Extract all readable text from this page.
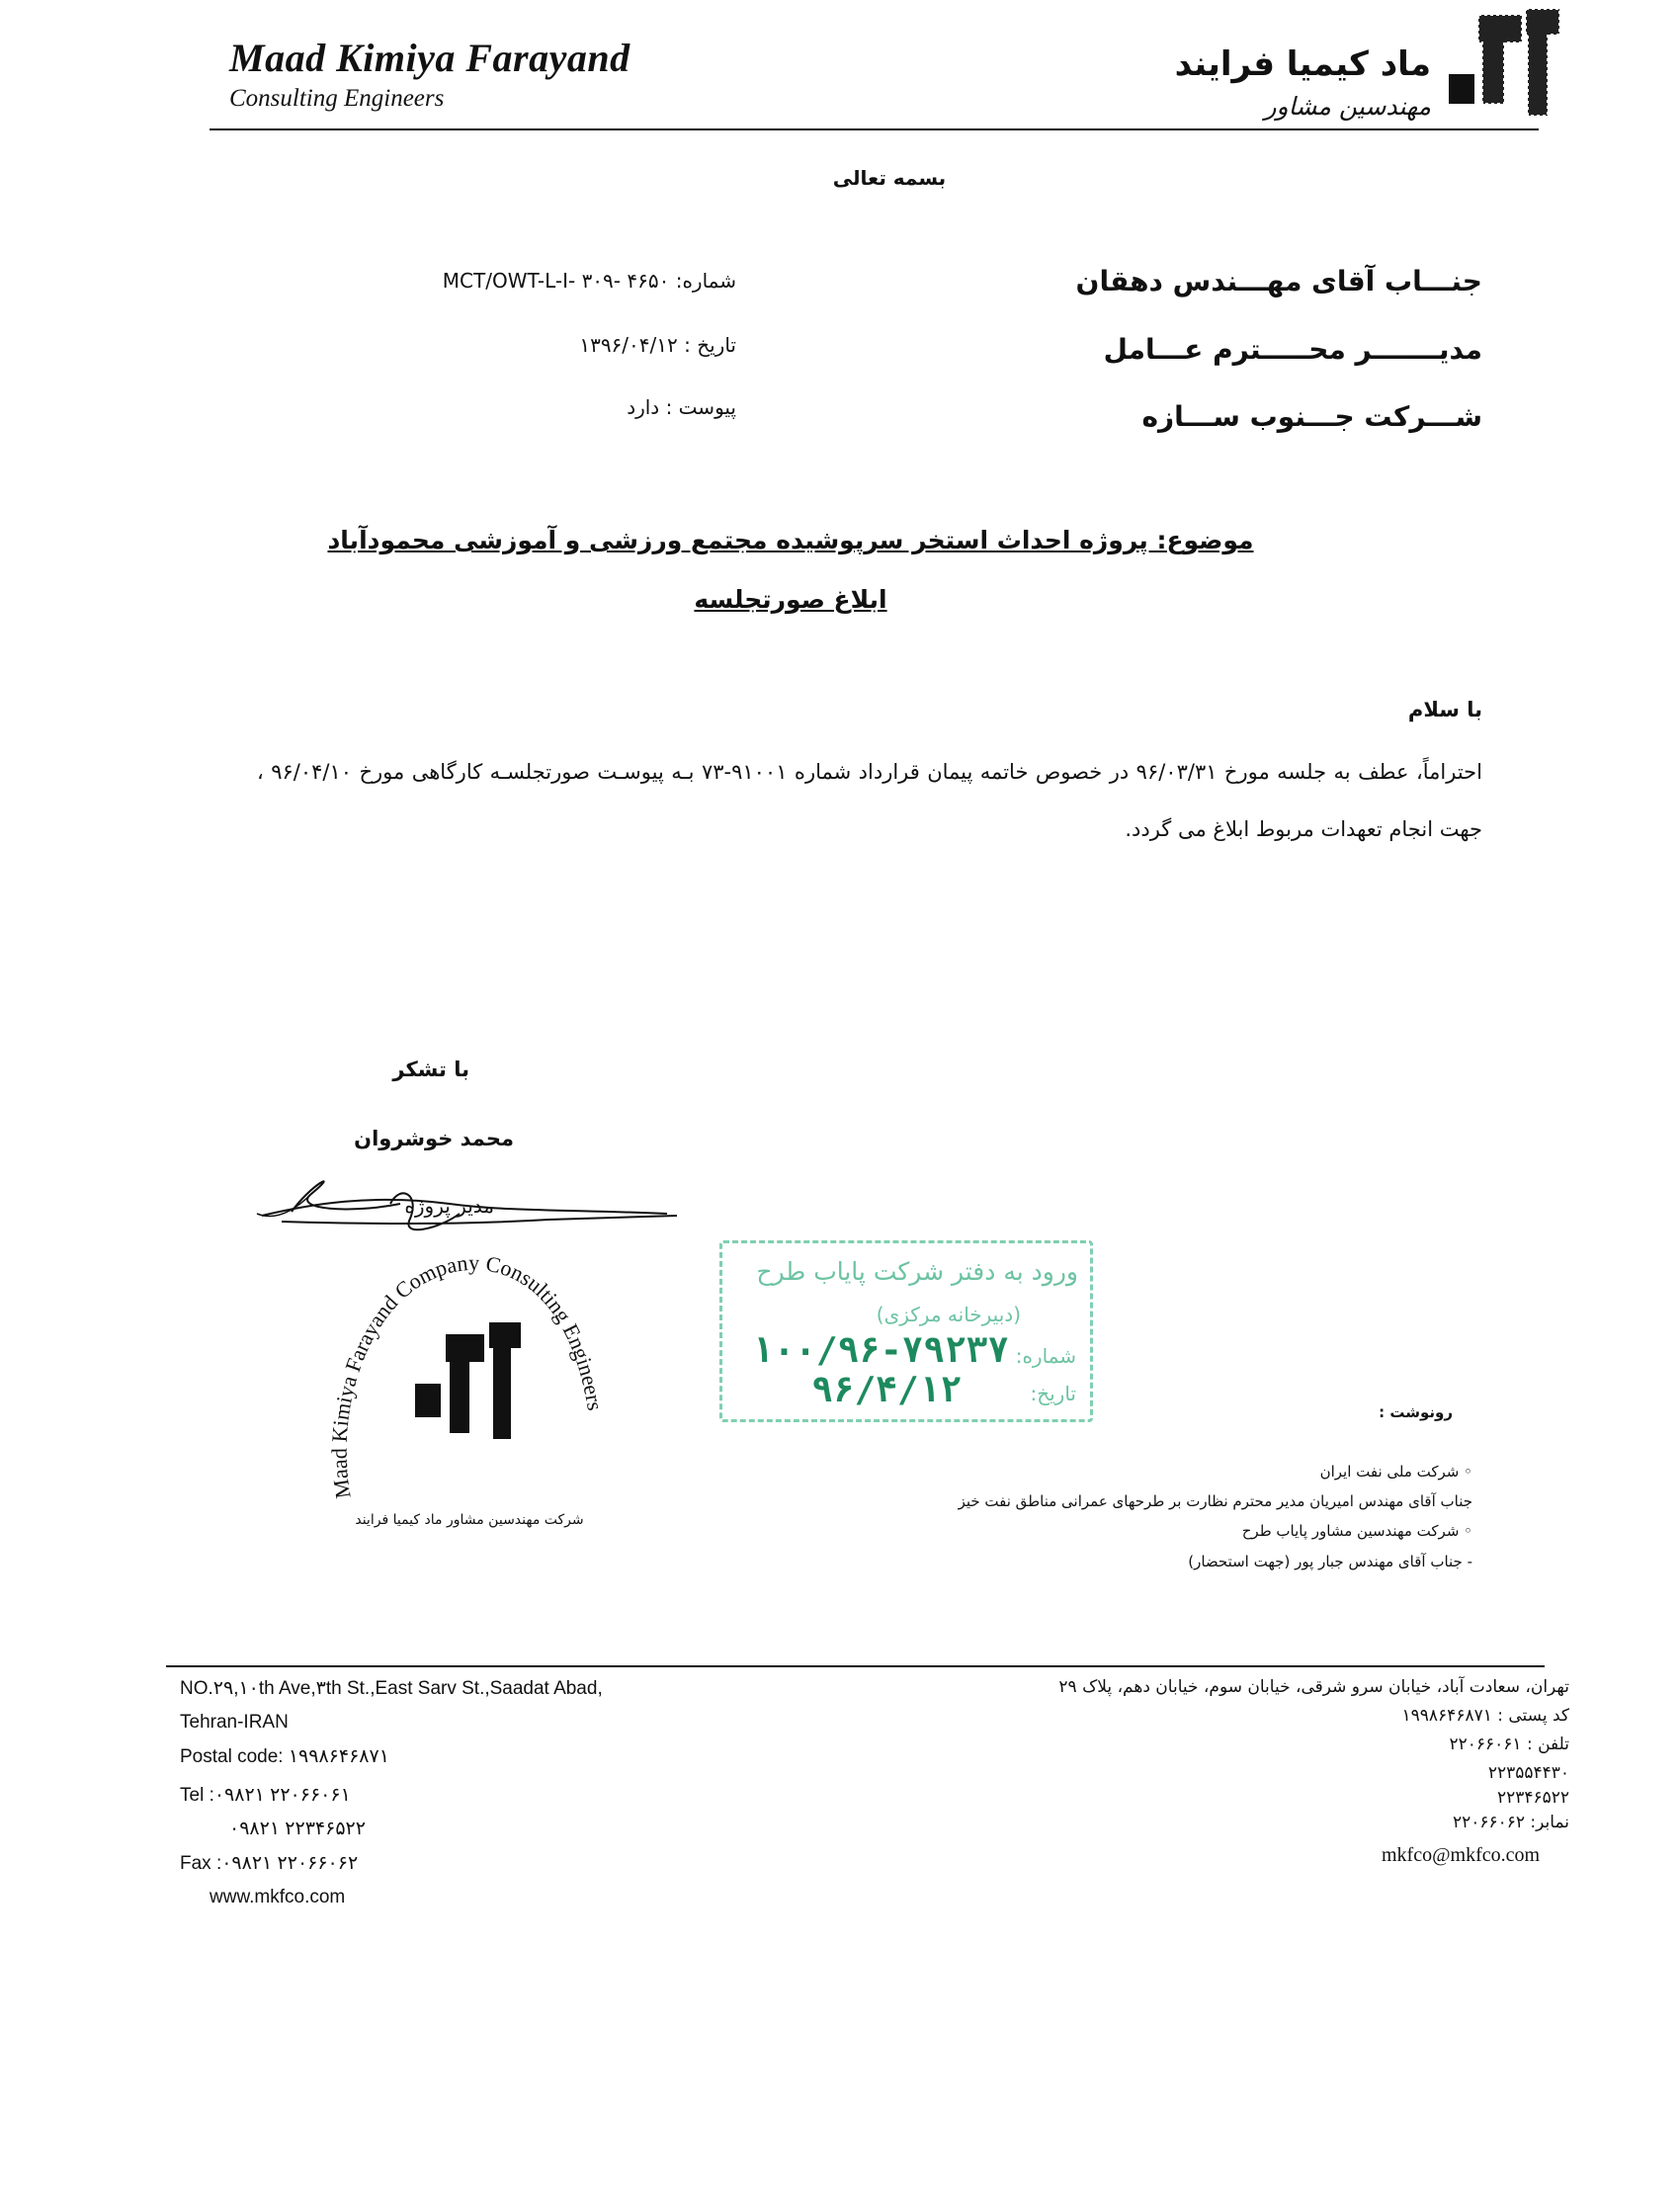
Maad Kimiya Farayand
Consulting Engineers
ماد کیمیا فرایند
مهندسین مشاور
بسمه تعالی
جنـــاب آقای مهـــندس دهقان
مدیـــــــر محـــــترم عـــامل
شـــرکت جـــنوب ســـازه
شماره: ۴۶۵۰ -MCT/OWT-L-I- ۳۰۹
تاریخ : ۱۳۹۶/۰۴/۱۲
پیوست : دارد
موضوع: پروژه احداث استخر سرپوشیده مجتمع ورزشی و آموزشی محمودآباد
ابلاغ صورتجلسه
با سلام
احتراماً، عطف به جلسه مورخ ۹۶/۰۳/۳۱ در خصوص خاتمه پیمان قرارداد شماره ۹۱۰۰۱-۷۳ بـه پیوسـت صورتجلسـه کارگاهی مورخ ۹۶/۰۴/۱۰ ، جهت انجام تعهدات مربوط ابلاغ می گردد.
با تشکر
محمد خوشروان
مدیر پروژه
Maad Kimiya Farayand Company Consulting Engineers
شرکت مهندسین مشاور ماد کیمیا فرایند
ورود به دفتر شرکت پایاب طرح
(دبیرخانه مرکزی)
شماره:
۱۰۰/۹۶-۷۹۲۳۷
تاریخ:
۹۶/۴/۱۲
رونوشت :
◦ شرکت ملی نفت ایران
جناب آقای مهندس امیریان مدیر محترم نظارت بر طرحهای عمرانی مناطق نفت خیز
◦ شرکت مهندسین مشاور پایاب طرح
- جناب آقای مهندس جبار پور (جهت استحضار)
NO.۲۹,۱۰th Ave,۳th St.,East Sarv St.,Saadat Abad,
Tehran-IRAN
Postal code: ۱۹۹۸۶۴۶۸۷۱
Tel :۰۹۸۲۱ ۲۲۰۶۶۰۶۱
۰۹۸۲۱ ۲۲۳۴۶۵۲۲
Fax :۰۹۸۲۱ ۲۲۰۶۶۰۶۲
www.mkfco.com
تهران، سعادت آباد، خیابان سرو شرقی، خیابان سوم، خیابان دهم، پلاک ۲۹
کد پستی : ۱۹۹۸۶۴۶۸۷۱
تلفن : ۲۲۰۶۶۰۶۱
۲۲۳۵۵۴۴۳۰
۲۲۳۴۶۵۲۲
نمابر: ۲۲۰۶۶۰۶۲
mkfco@mkfco.com
